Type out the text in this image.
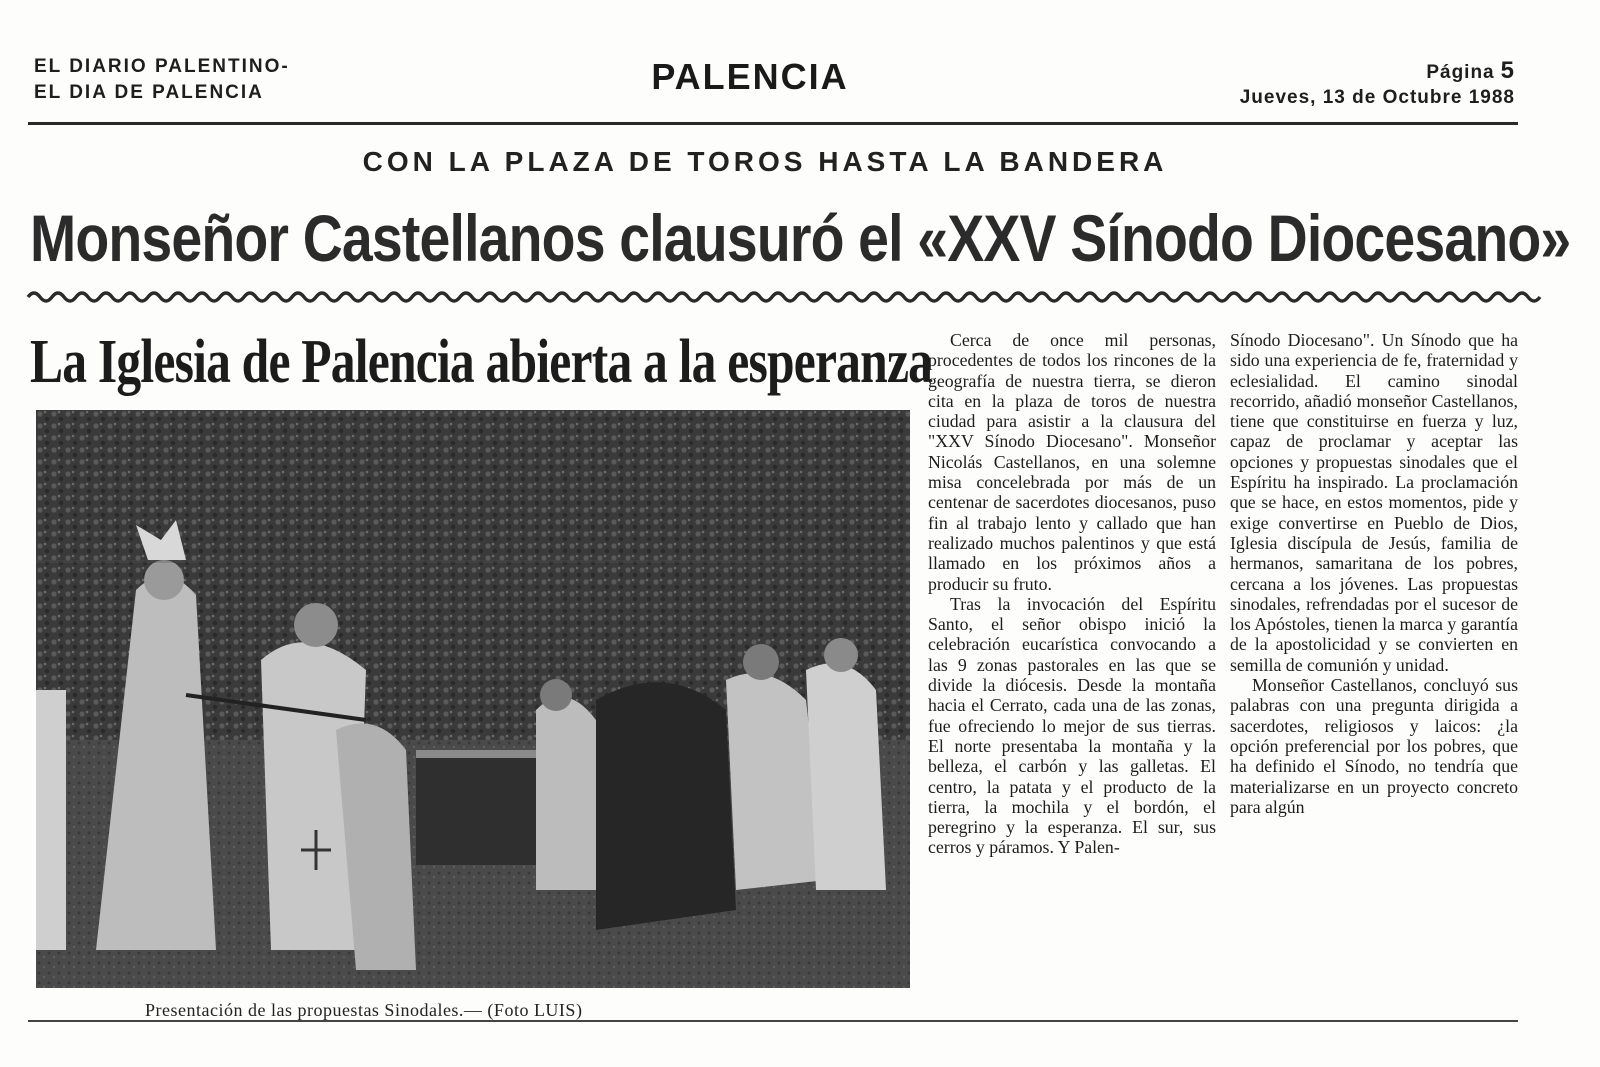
EL DIARIO PALENTINO-
EL DIA DE PALENCIA	PALENCIA	Página 5
Jueves, 13 de Octubre 1988
CON LA PLAZA DE TOROS HASTA LA BANDERA
Monseñor Castellanos clausuró el «XXV Sínodo Diocesano»
La Iglesia de Palencia abierta a la esperanza
Presentación de las propuestas Sinodales.— (Foto LUIS)

Cerca de once mil personas, procedentes de todos los rincones de la geografía de nuestra tierra, se dieron cita en la plaza de toros de nuestra ciudad para asistir a la clausura del "XXV Sínodo Diocesano". Monseñor Nicolás Castellanos, en una solemne misa concelebrada por más de un centenar de sacerdotes diocesanos, puso fin al trabajo lento y callado que han realizado muchos palentinos y que está llamado en los próximos años a producir su fruto.

Tras la invocación del Espíritu Santo, el señor obispo inició la celebración eucarística convocando a las 9 zonas pastorales en las que se divide la diócesis. Desde la montaña hacia el Cerrato, cada una de las zonas, fue ofreciendo lo mejor de sus tierras. El norte presentaba la montaña y la belleza, el carbón y las galletas. El centro, la patata y el producto de la tierra, la mochila y el bordón, el peregrino y la esperanza. El sur, sus cerros y páramos. Y Palen-

Sínodo Diocesano". Un Sínodo que ha sido una experiencia de fe, fraternidad y eclesialidad. El camino sinodal recorrido, añadió monseñor Castellanos, tiene que constituirse en fuerza y luz, capaz de proclamar y aceptar las opciones y propuestas sinodales que el Espíritu ha inspirado. La proclamación que se hace, en estos momentos, pide y exige convertirse en Pueblo de Dios, Iglesia discípula de Jesús, familia de hermanos, samaritana de los pobres, cercana a los jóvenes. Las propuestas sinodales, refrendadas por el sucesor de los Apóstoles, tienen la marca y garantía de la apostolicidad y se convierten en semilla de comunión y unidad.

Monseñor Castellanos, concluyó sus palabras con una pregunta dirigida a sacerdotes, religiosos y laicos: ¿la opción preferencial por los pobres, que ha definido el Sínodo, no tendría que materializarse en un proyecto concreto para algún
